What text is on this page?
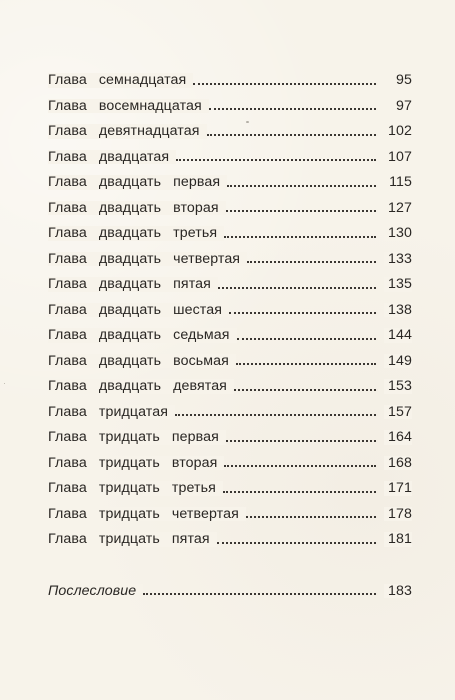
Глава семнадцатая	95
Глава восемнадцатая	97
Глава девятнадцатая	102
Глава двадцатая	107
Глава двадцать первая	115
Глава двадцать вторая	127
Глава двадцать третья	130
Глава двадцать четвертая	133
Глава двадцать пятая	135
Глава двадцать шестая	138
Глава двадцать седьмая	144
Глава двадцать восьмая	149
Глава двадцать девятая	153
Глава тридцатая	157
Глава тридцать первая	164
Глава тридцать вторая	168
Глава тридцать третья	171
Глава тридцать четвертая	178
Глава тридцать пятая	181
Послесловие	183
